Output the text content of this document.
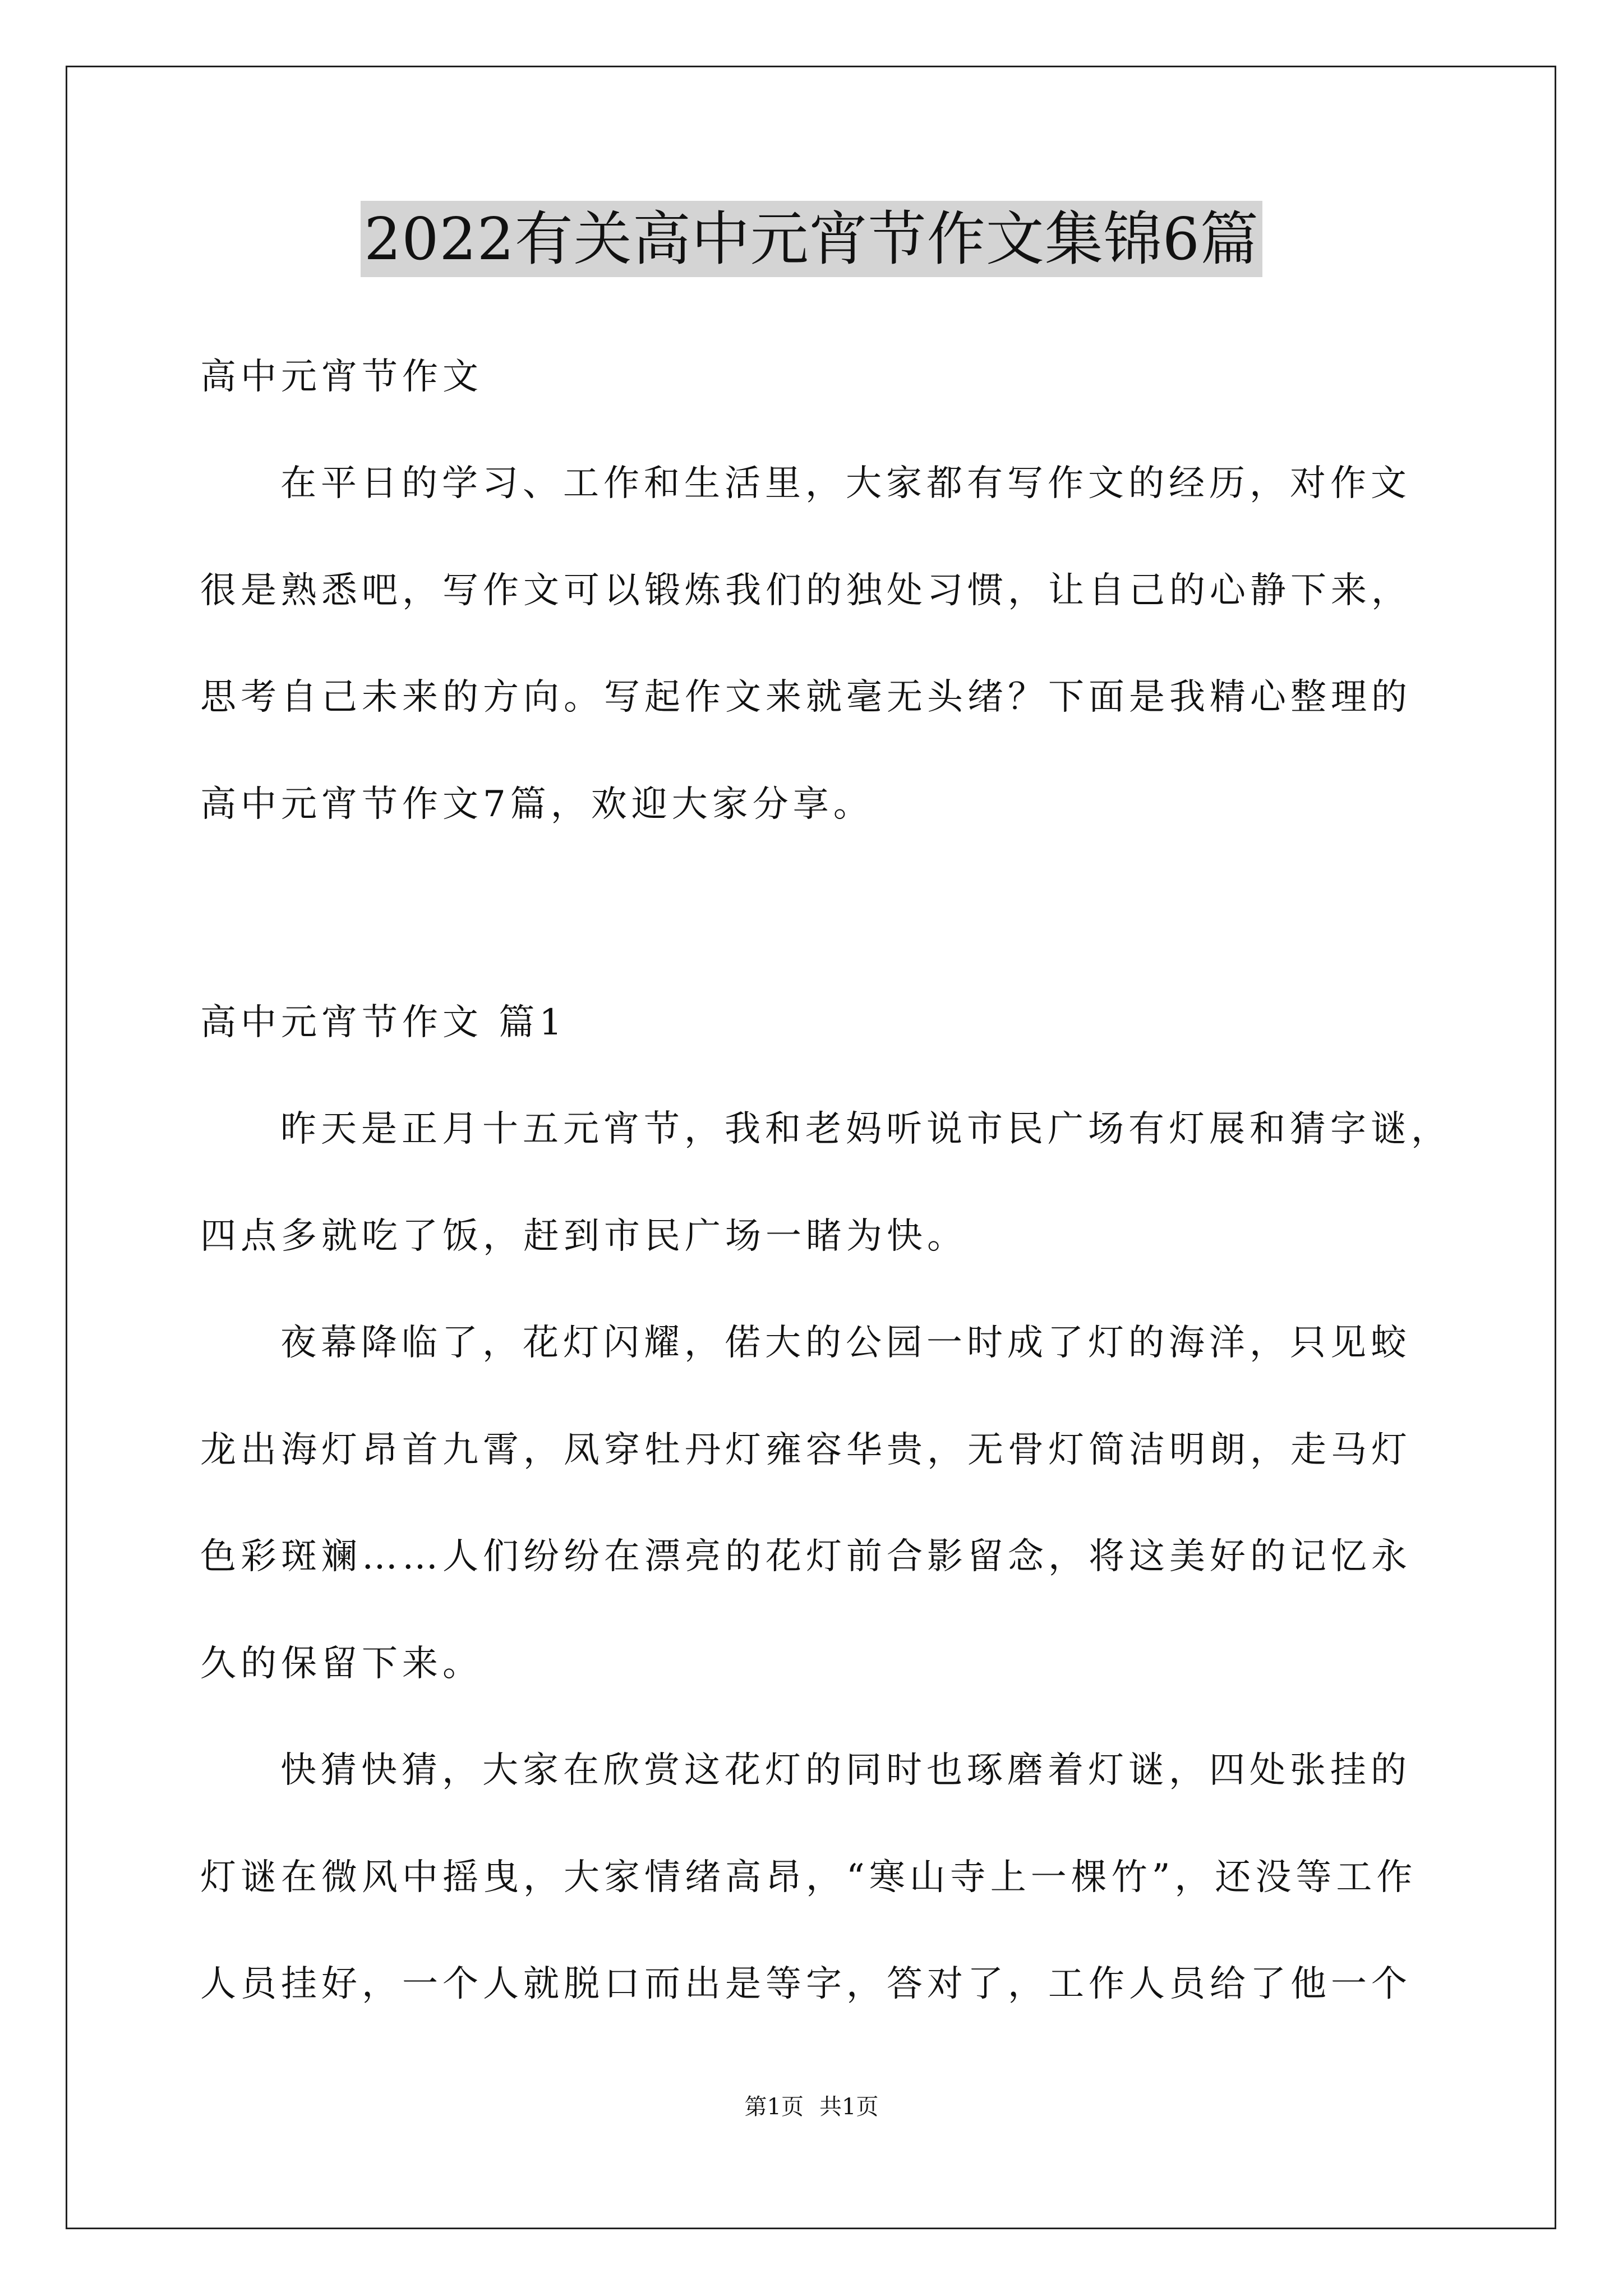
2022有关高中元宵节作文集锦6篇

高中元宵节作文

在平日的学习、工作和生活里，大家都有写作文的经历，对作文

很是熟悉吧，写作文可以锻炼我们的独处习惯，让自己的心静下来，

思考自己未来的方向。写起作文来就毫无头绪？下面是我精心整理的

高中元宵节作文7篇，欢迎大家分享。

高中元宵节作文 篇1

昨天是正月十五元宵节，我和老妈听说市民广场有灯展和猜字谜，

四点多就吃了饭，赶到市民广场一睹为快。

夜幕降临了，花灯闪耀，偌大的公园一时成了灯的海洋，只见蛟

龙出海灯昂首九霄，凤穿牡丹灯雍容华贵，无骨灯简洁明朗，走马灯

色彩斑斓……人们纷纷在漂亮的花灯前合影留念，将这美好的记忆永

久的保留下来。

快猜快猜，大家在欣赏这花灯的同时也琢磨着灯谜，四处张挂的

灯谜在微风中摇曳，大家情绪高昂，“寒山寺上一棵竹”，还没等工作

人员挂好，一个人就脱口而出是等字，答对了，工作人员给了他一个

第1页 共1页
